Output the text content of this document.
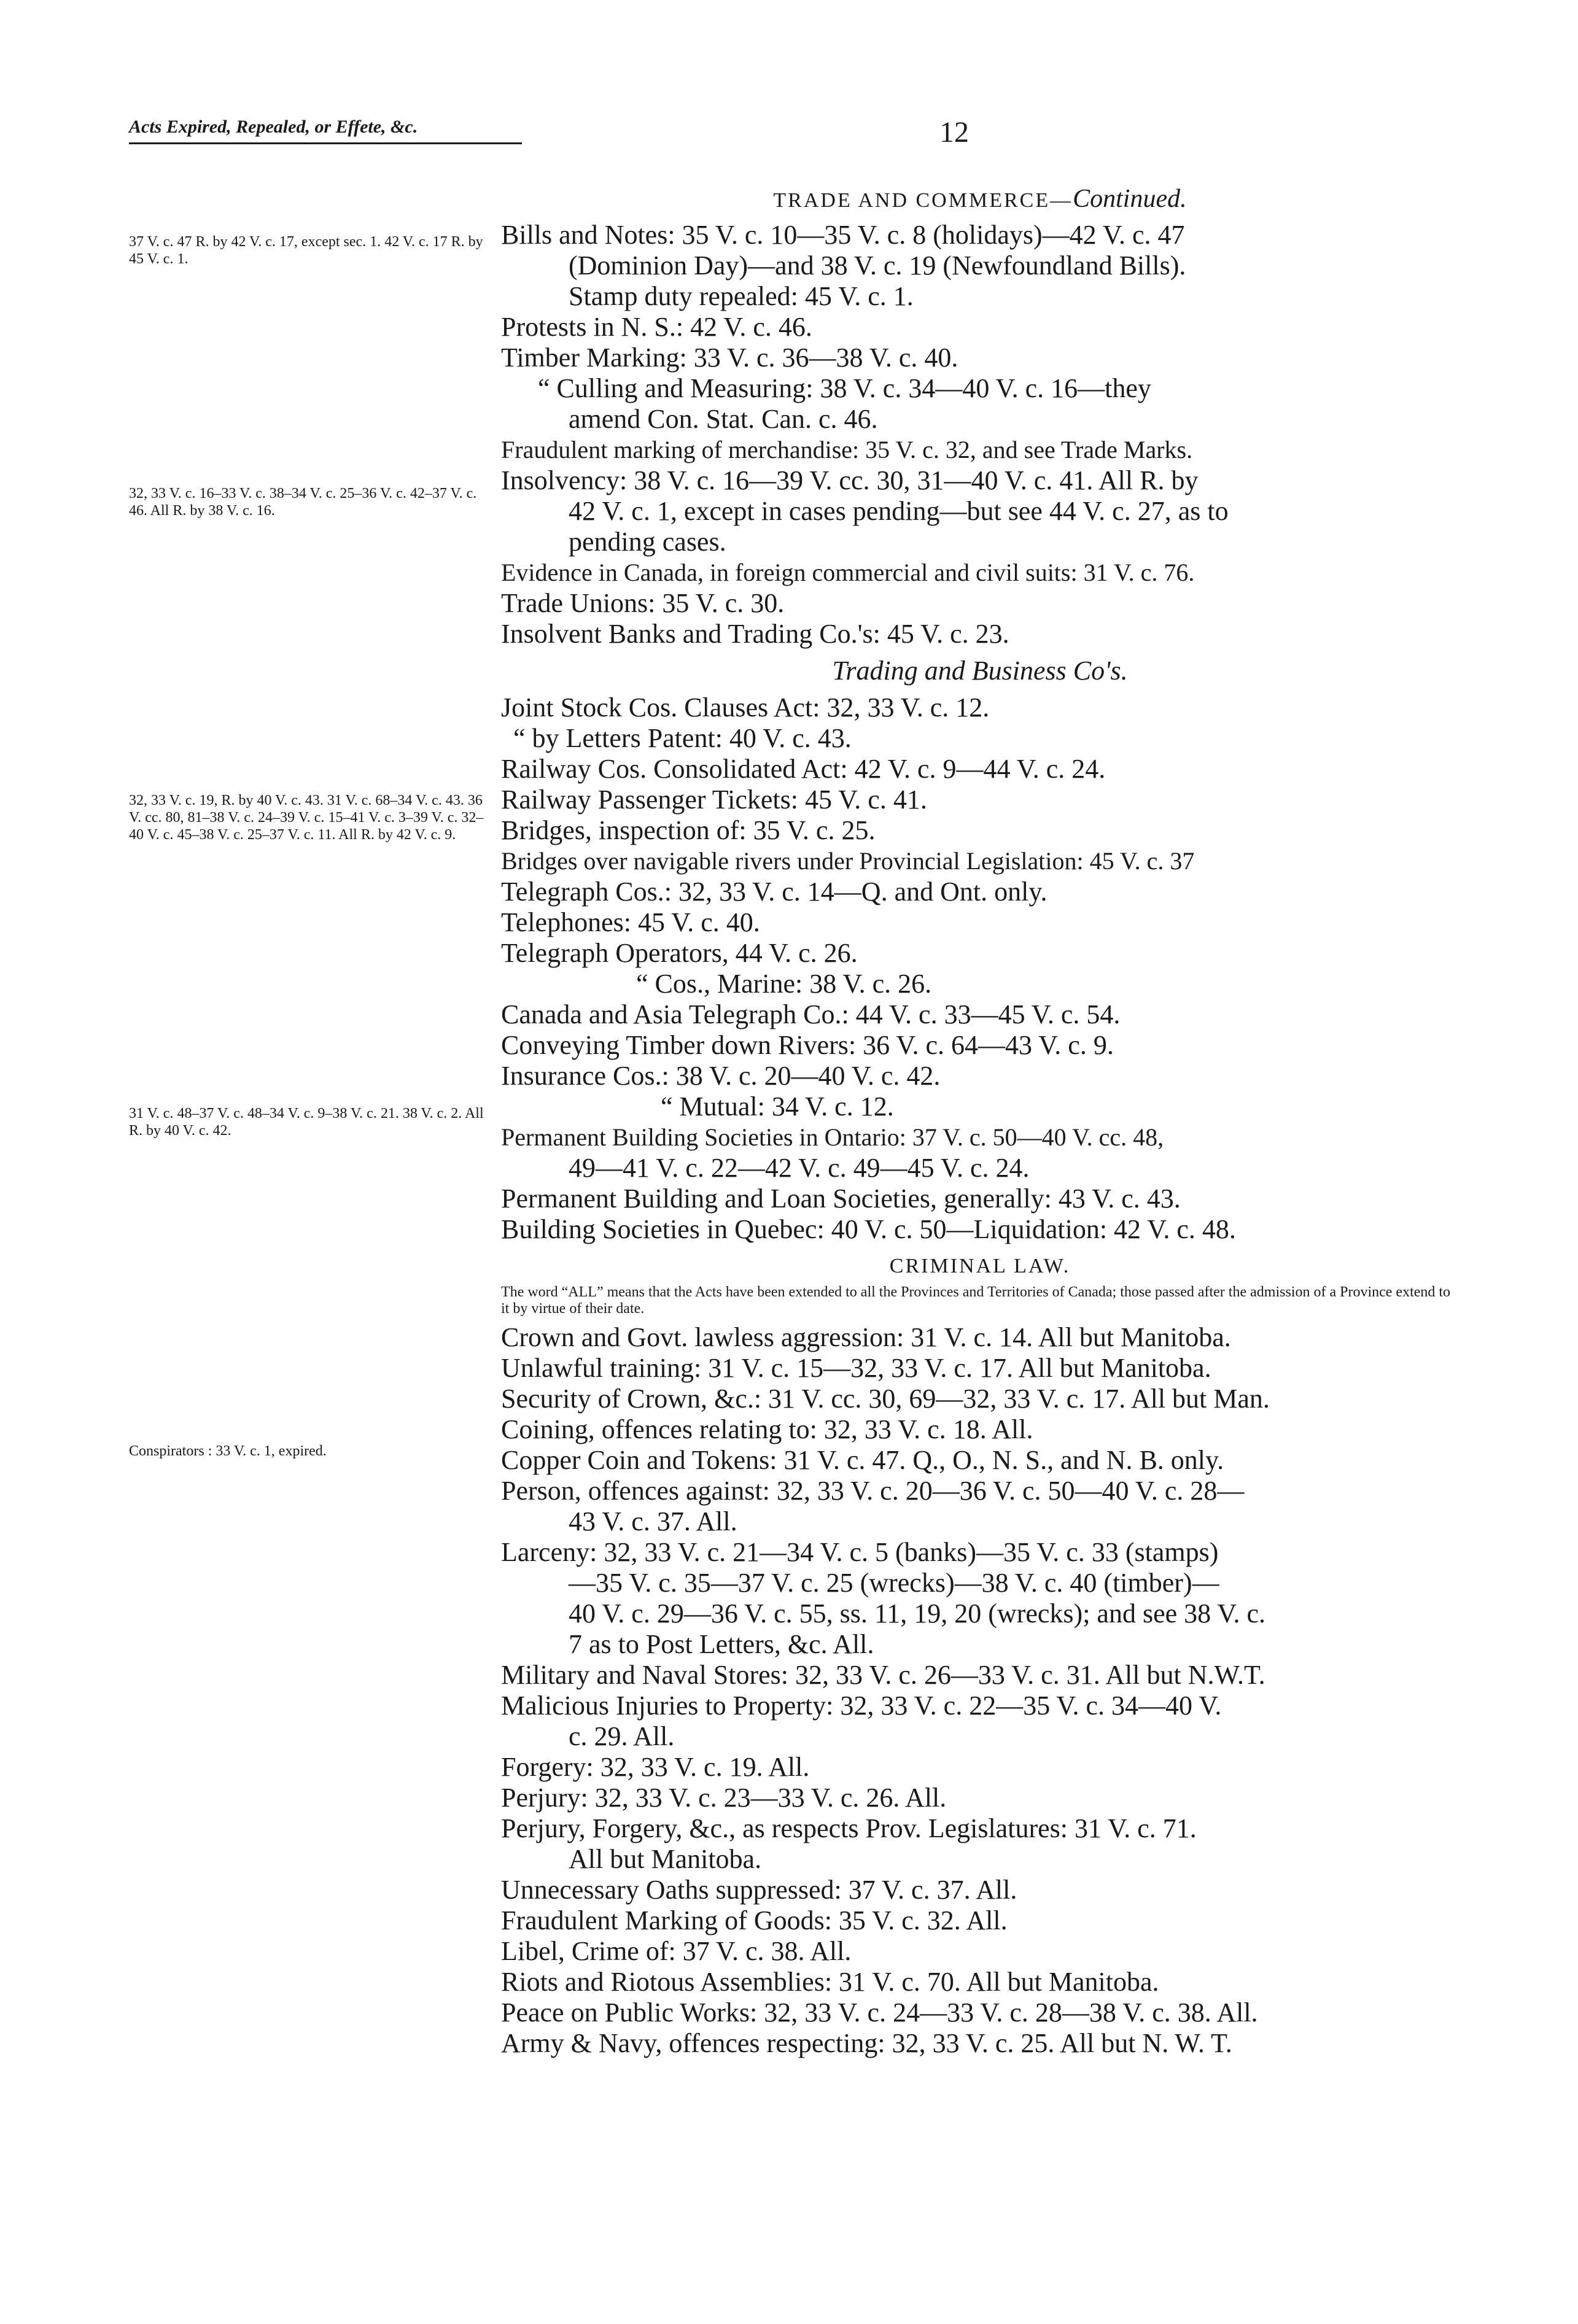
Acts Expired, Repealed, or Effete, &c.	12
37 V. c. 47 R. by 42 V. c. 17, except sec. 1. 42 V. c. 17 R. by 45 V. c. 1.
32, 33 V. c. 16–33 V. c. 38–34 V. c. 25–36 V. c. 42–37 V. c. 46. All R. by 38 V. c. 16.
32, 33 V. c. 19, R. by 40 V. c. 43. 31 V. c. 68–34 V. c. 43. 36 V. cc. 80, 81–38 V. c. 24–39 V. c. 15–41 V. c. 3–39 V. c. 32–40 V. c. 45–38 V. c. 25–37 V. c. 11. All R. by 42 V. c. 9.
31 V. c. 48–37 V. c. 48–34 V. c. 9–38 V. c. 21. 38 V. c. 2. All R. by 40 V. c. 42.
Conspirators : 33 V. c. 1, expired.
TRADE AND COMMERCE—Continued.
Bills and Notes: 35 V. c. 10—35 V. c. 8 (holidays)—42 V. c. 47
(Dominion Day)—and 38 V. c. 19 (Newfoundland Bills).
Stamp duty repealed: 45 V. c. 1.
Protests in N. S.: 42 V. c. 46.
Timber Marking: 33 V. c. 36—38 V. c. 40.
“ Culling and Measuring: 38 V. c. 34—40 V. c. 16—they
amend Con. Stat. Can. c. 46.
Fraudulent marking of merchandise: 35 V. c. 32, and see Trade Marks.
Insolvency: 38 V. c. 16—39 V. cc. 30, 31—40 V. c. 41. All R. by
42 V. c. 1, except in cases pending—but see 44 V. c. 27, as to
pending cases.
Evidence in Canada, in foreign commercial and civil suits: 31 V. c. 76.
Trade Unions: 35 V. c. 30.
Insolvent Banks and Trading Co.'s: 45 V. c. 23.
Trading and Business Co's.
Joint Stock Cos. Clauses Act: 32, 33 V. c. 12.
“ by Letters Patent: 40 V. c. 43.
Railway Cos. Consolidated Act: 42 V. c. 9—44 V. c. 24.
Railway Passenger Tickets: 45 V. c. 41.
Bridges, inspection of: 35 V. c. 25.
Bridges over navigable rivers under Provincial Legislation: 45 V. c. 37
Telegraph Cos.: 32, 33 V. c. 14—Q. and Ont. only.
Telephones: 45 V. c. 40.
Telegraph Operators, 44 V. c. 26.
“ Cos., Marine: 38 V. c. 26.
Canada and Asia Telegraph Co.: 44 V. c. 33—45 V. c. 54.
Conveying Timber down Rivers: 36 V. c. 64—43 V. c. 9.
Insurance Cos.: 38 V. c. 20—40 V. c. 42.
“ Mutual: 34 V. c. 12.
Permanent Building Societies in Ontario: 37 V. c. 50—40 V. cc. 48,
49—41 V. c. 22—42 V. c. 49—45 V. c. 24.
Permanent Building and Loan Societies, generally: 43 V. c. 43.
Building Societies in Quebec: 40 V. c. 50—Liquidation: 42 V. c. 48.
CRIMINAL LAW.
The word “ALL” means that the Acts have been extended to all the Provinces and Territories of Canada; those passed after the admission of a Province extend to it by virtue of their date.
Crown and Govt. lawless aggression: 31 V. c. 14. All but Manitoba.
Unlawful training: 31 V. c. 15—32, 33 V. c. 17. All but Manitoba.
Security of Crown, &c.: 31 V. cc. 30, 69—32, 33 V. c. 17. All but Man.
Coining, offences relating to: 32, 33 V. c. 18. All.
Copper Coin and Tokens: 31 V. c. 47. Q., O., N. S., and N. B. only.
Person, offences against: 32, 33 V. c. 20—36 V. c. 50—40 V. c. 28—
43 V. c. 37. All.
Larceny: 32, 33 V. c. 21—34 V. c. 5 (banks)—35 V. c. 33 (stamps)
—35 V. c. 35—37 V. c. 25 (wrecks)—38 V. c. 40 (timber)—
40 V. c. 29—36 V. c. 55, ss. 11, 19, 20 (wrecks); and see 38 V. c.
7 as to Post Letters, &c. All.
Military and Naval Stores: 32, 33 V. c. 26—33 V. c. 31. All but N.W.T.
Malicious Injuries to Property: 32, 33 V. c. 22—35 V. c. 34—40 V.
c. 29. All.
Forgery: 32, 33 V. c. 19. All.
Perjury: 32, 33 V. c. 23—33 V. c. 26. All.
Perjury, Forgery, &c., as respects Prov. Legislatures: 31 V. c. 71.
All but Manitoba.
Unnecessary Oaths suppressed: 37 V. c. 37. All.
Fraudulent Marking of Goods: 35 V. c. 32. All.
Libel, Crime of: 37 V. c. 38. All.
Riots and Riotous Assemblies: 31 V. c. 70. All but Manitoba.
Peace on Public Works: 32, 33 V. c. 24—33 V. c. 28—38 V. c. 38. All.
Army & Navy, offences respecting: 32, 33 V. c. 25. All but N. W. T.
